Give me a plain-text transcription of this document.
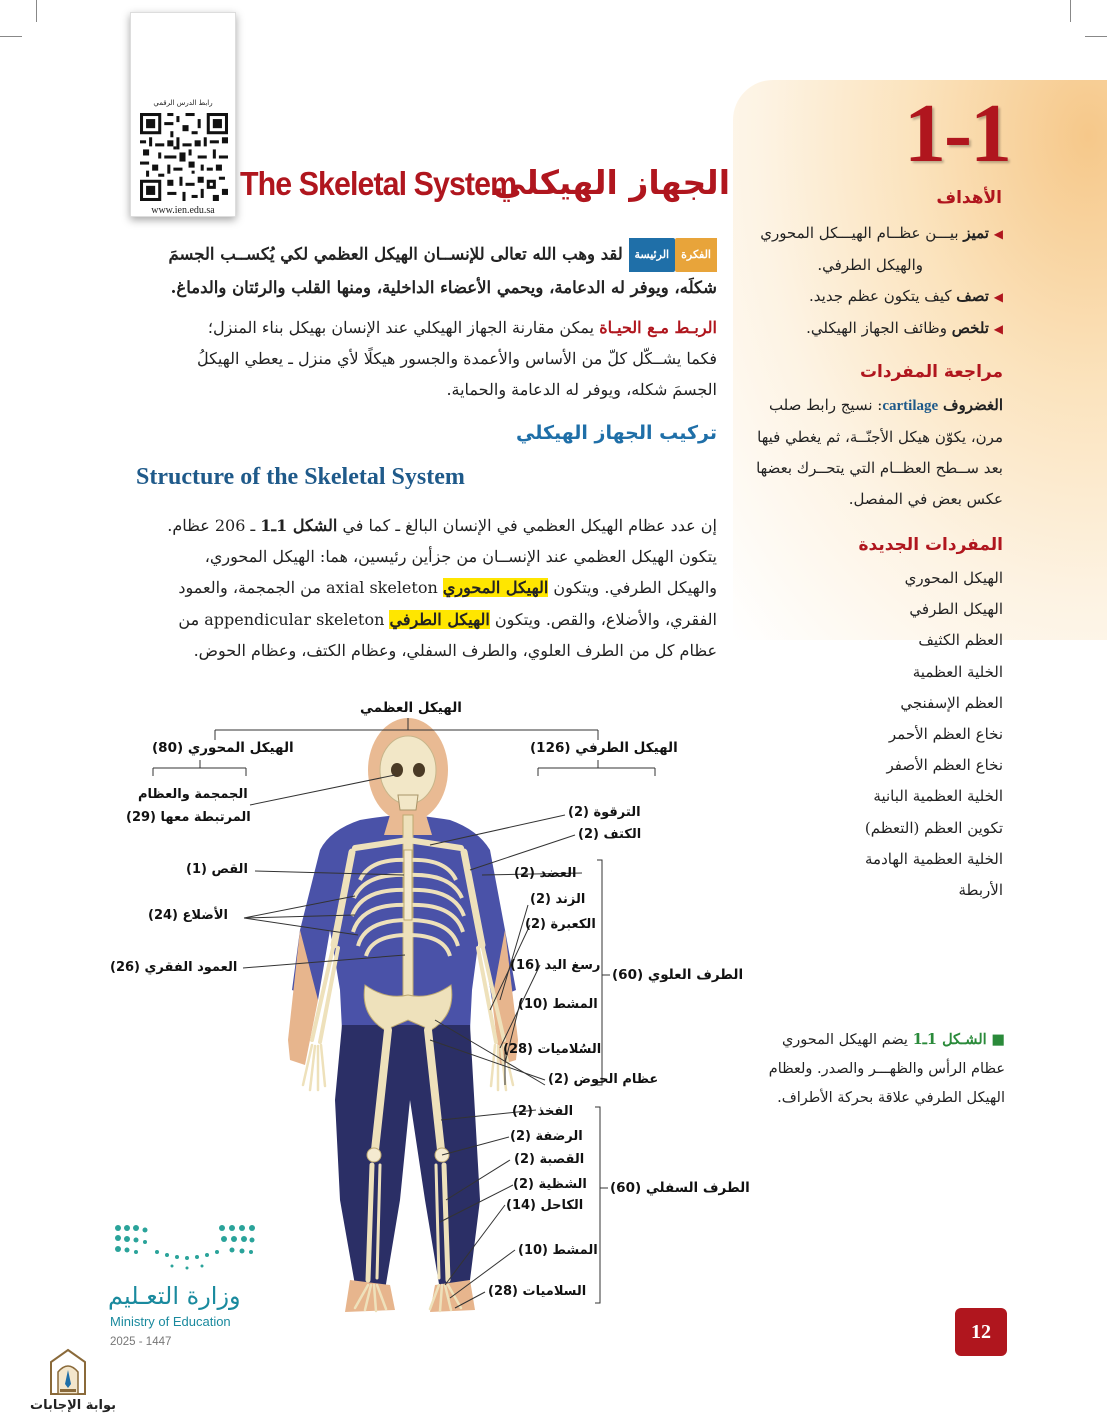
رابط الدرس الرقمي
www.ien.edu.sa
1-1
The Skeletal System
الجهاز الهيكلي	الأهداف
◀ تميز بيـــن عظــام الهيـــكل المحوري
والهيكل الطرفي.
◀ تصف كيف يتكون عظم جديد.
◀ تلخص وظائف الجهاز الهيكلي.
مراجعة المفردات
الغضروف cartilage: نسيج رابط صلب
مرن، يكوّن هيكل الأجنّــة، ثم يغطي فيها
بعد ســطح العظــام التي يتحــرك بعضها
عكس بعض في المفصل.
المفردات الجديدة
الهيكل المحوري
الهيكل الطرفي
العظم الكثيف
الخلية العظمية
العظم الإسفنجي
نخاع العظم الأحمر
نخاع العظم الأصفر
الخلية العظمية البانية
تكوين العظم (التعظم)
الخلية العظمية الهادمة
الأربطة
الفكرةالرئيسة لقد وهب الله تعالى للإنســان الهيكل العظمي لكي يُكســب الجسمَ
شكلَه، ويوفر له الدعامة، ويحمي الأعضاء الداخلية، ومنها القلب والرئتان والدماغ.
الربـط مـع الحيـاة يمكن مقارنة الجهاز الهيكلي عند الإنسان بهيكل بناء المنزل؛
فكما يشــكّل كلّ من الأساس والأعمدة والجسور هيكلًا لأي منزل ـ يعطي الهيكلُ
الجسمَ شكله، ويوفر له الدعامة والحماية.
تركيب الجهاز الهيكلي
Structure of the Skeletal System
إن عدد عظام الهيكل العظمي في الإنسان البالغ ـ كما في الشكل 1ـ1 ـ 206 عظام.
يتكون الهيكل العظمي عند الإنســان من جزأين رئيسين، هما: الهيكل المحوري،
والهيكل الطرفي. ويتكون الهيكل المحوري axial skeleton من الجمجمة، والعمود
الفقري، والأضلاع، والقص. ويتكون الهيكل الطرفي appendicular skeleton من
عظام كل من الطرف العلوي، والطرف السفلي، وعظام الكتف، وعظام الحوض.
الهيكل العظمي
الهيكل المحوري (80)	الهيكل الطرفي (126)
الجمجمة والعظام
المرتبطة معها (29)
القص (1)
الأضلاع (24)
العمود الفقري (26)
الترقوة (2)
الكتف (2)
العضد (2)
الزند (2)
الكعبرة (2)
رسغ اليد (16)
المشط (10)
السُلاميات (28)
عظام الحوض (2)
الطرف العلوي (60)
الفخذ (2)
الرضفة (2)
القصبة (2)
الشظية (2)
الكاحل (14)
الطرف السفلي (60)
المشط (10)
السلاميات (28)
■ الشـكل 1ـ1 يضم الهيكل المحوري
عظام الرأس والظهـــر والصدر. ولعظام
الهيكل الطرفي علاقة بحركة الأطراف.
12
وزارة التعـليم
Ministry of Education
2025 - 1447
بوابة الإجابات
